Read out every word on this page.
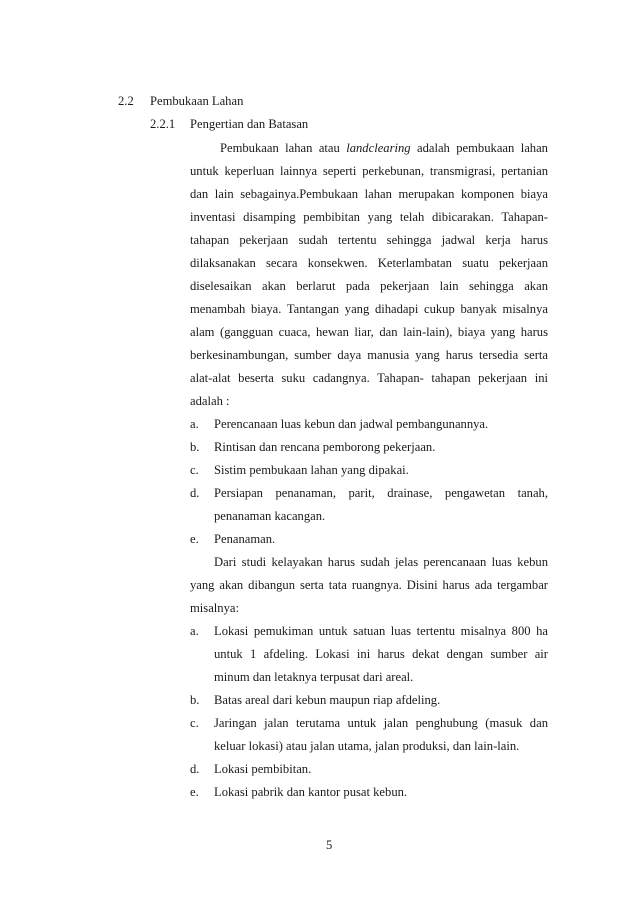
2.2 Pembukaan Lahan
2.2.1 Pengertian dan Batasan
Pembukaan lahan atau landclearing adalah pembukaan lahan
untuk keperluan lainnya seperti perkebunan, transmigrasi, pertanian
dan lain sebagainya.Pembukaan lahan merupakan komponen biaya
inventasi disamping pembibitan yang telah dibicarakan. Tahapan-
tahapan pekerjaan sudah tertentu sehingga jadwal kerja harus
dilaksanakan secara konsekwen. Keterlambatan suatu pekerjaan
diselesaikan akan berlarut pada pekerjaan lain sehingga akan
menambah biaya. Tantangan yang dihadapi cukup banyak misalnya
alam (gangguan cuaca, hewan liar, dan lain-lain), biaya yang harus
berkesinambungan, sumber daya manusia yang harus tersedia serta
alat-alat beserta suku cadangnya. Tahapan- tahapan pekerjaan ini
adalah :
a. Perencanaan luas kebun dan jadwal pembangunannya.
b. Rintisan dan rencana pemborong pekerjaan.
c. Sistim pembukaan lahan yang dipakai.
d. Persiapan penanaman, parit, drainase, pengawetan tanah,
penanaman kacangan.
e. Penanaman.
Dari studi kelayakan harus sudah jelas perencanaan luas kebun
yang akan dibangun serta tata ruangnya. Disini harus ada tergambar
misalnya:
a. Lokasi pemukiman untuk satuan luas tertentu misalnya 800 ha
untuk 1 afdeling. Lokasi ini harus dekat dengan sumber air
minum dan letaknya terpusat dari areal.
b. Batas areal dari kebun maupun riap afdeling.
c. Jaringan jalan terutama untuk jalan penghubung (masuk dan
keluar lokasi) atau jalan utama, jalan produksi, dan lain-lain.
d. Lokasi pembibitan.
e. Lokasi pabrik dan kantor pusat kebun.
5
